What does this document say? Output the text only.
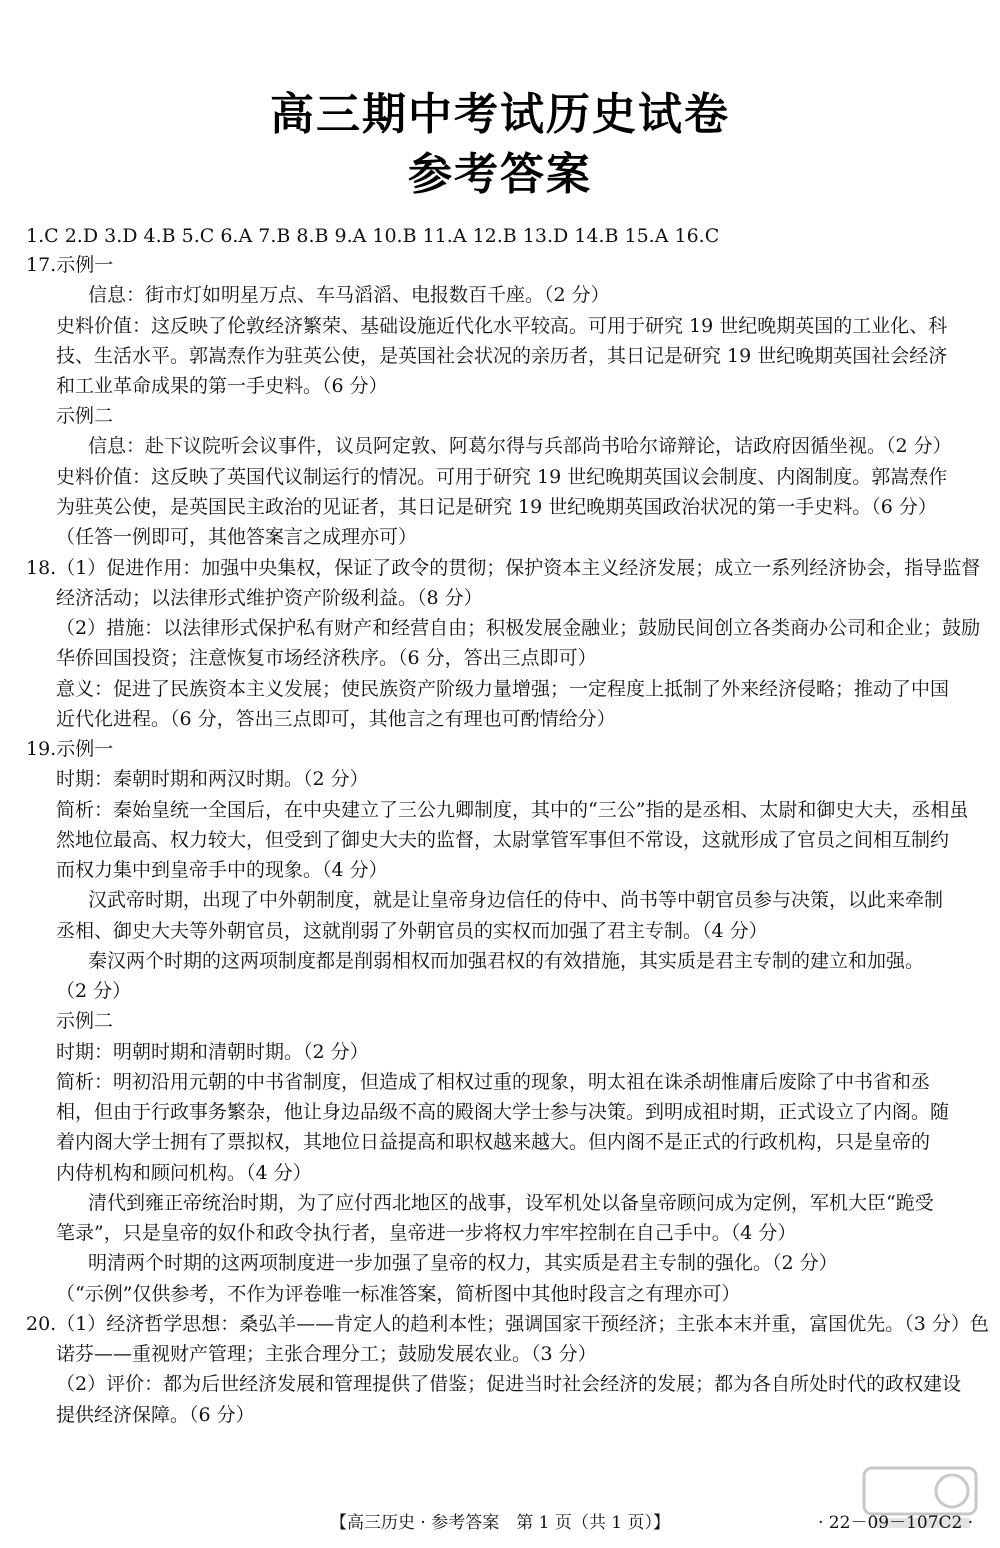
高三期中考试历史试卷
参考答案
1.C 2.D 3.D 4.B 5.C 6.A 7.B 8.B 9.A 10.B 11.A 12.B 13.D 14.B 15.A 16.C
17.示例一
信息：街市灯如明星万点、车马滔滔、电报数百千座。（2 分）
史料价值：这反映了伦敦经济繁荣、基础设施近代化水平较高。可用于研究 19 世纪晚期英国的工业化、科
技、生活水平。郭嵩焘作为驻英公使，是英国社会状况的亲历者，其日记是研究 19 世纪晚期英国社会经济
和工业革命成果的第一手史料。（6 分）
示例二
信息：赴下议院听会议事件，议员阿定敦、阿葛尔得与兵部尚书哈尔谛辩论，诘政府因循坐视。（2 分）
史料价值：这反映了英国代议制运行的情况。可用于研究 19 世纪晚期英国议会制度、内阁制度。郭嵩焘作
为驻英公使，是英国民主政治的见证者，其日记是研究 19 世纪晚期英国政治状况的第一手史料。（6 分）
（任答一例即可，其他答案言之成理亦可）
18.（1）促进作用：加强中央集权，保证了政令的贯彻；保护资本主义经济发展；成立一系列经济协会，指导监督
经济活动；以法律形式维护资产阶级利益。（8 分）
（2）措施：以法律形式保护私有财产和经营自由；积极发展金融业；鼓励民间创立各类商办公司和企业；鼓励
华侨回国投资；注意恢复市场经济秩序。（6 分，答出三点即可）
意义：促进了民族资本主义发展；使民族资产阶级力量增强；一定程度上抵制了外来经济侵略；推动了中国
近代化进程。（6 分，答出三点即可，其他言之有理也可酌情给分）
19.示例一
时期：秦朝时期和两汉时期。（2 分）
简析：秦始皇统一全国后，在中央建立了三公九卿制度，其中的“三公”指的是丞相、太尉和御史大夫，丞相虽
然地位最高、权力较大，但受到了御史大夫的监督，太尉掌管军事但不常设，这就形成了官员之间相互制约
而权力集中到皇帝手中的现象。（4 分）
汉武帝时期，出现了中外朝制度，就是让皇帝身边信任的侍中、尚书等中朝官员参与决策，以此来牵制
丞相、御史大夫等外朝官员，这就削弱了外朝官员的实权而加强了君主专制。（4 分）
秦汉两个时期的这两项制度都是削弱相权而加强君权的有效措施，其实质是君主专制的建立和加强。
（2 分）
示例二
时期：明朝时期和清朝时期。（2 分）
简析：明初沿用元朝的中书省制度，但造成了相权过重的现象，明太祖在诛杀胡惟庸后废除了中书省和丞
相，但由于行政事务繁杂，他让身边品级不高的殿阁大学士参与决策。到明成祖时期，正式设立了内阁。随
着内阁大学士拥有了票拟权，其地位日益提高和职权越来越大。但内阁不是正式的行政机构，只是皇帝的
内侍机构和顾问机构。（4 分）
清代到雍正帝统治时期，为了应付西北地区的战事，设军机处以备皇帝顾问成为定例，军机大臣“跪受
笔录”，只是皇帝的奴仆和政令执行者，皇帝进一步将权力牢牢控制在自己手中。（4 分）
明清两个时期的这两项制度进一步加强了皇帝的权力，其实质是君主专制的强化。（2 分）
（“示例”仅供参考，不作为评卷唯一标准答案，简析图中其他时段言之有理亦可）
20.（1）经济哲学思想：桑弘羊——肯定人的趋利本性；强调国家干预经济；主张本末并重，富国优先。（3 分）色
诺芬——重视财产管理；主张合理分工；鼓励发展农业。（3 分）
（2）评价：都为后世经济发展和管理提供了借鉴；促进当时社会经济的发展；都为各自所处时代的政权建设
提供经济保障。（6 分）
【高三历史 · 参考答案　第 1 页（共 1 页）】	· 22－09－107C2 ·
